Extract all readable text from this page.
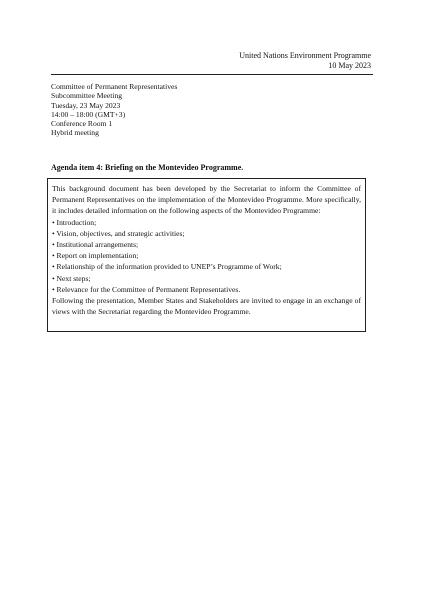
United Nations Environment Programme
10 May 2023
Committee of Permanent Representatives
Subcommittee Meeting
Tuesday, 23 May 2023
14:00 – 18:00 (GMT+3)
Conference Room 1
Hybrid meeting
Agenda item 4: Briefing on the Montevideo Programme.

This background document has been developed by the Secretariat to inform the Committee of Permanent Representatives on the implementation of the Montevideo Programme. More specifically, it includes detailed information on the following aspects of the Montevideo Programme:

• Introduction;
• Vision, objectives, and strategic activities;
• Institutional arrangements;
• Report on implementation;
• Relationship of the information provided to UNEP’s Programme of Work;
• Next steps;
• Relevance for the Committee of Permanent Representatives.

Following the presentation, Member States and Stakeholders are invited to engage in an exchange of views with the Secretariat regarding the Montevideo Programme.
